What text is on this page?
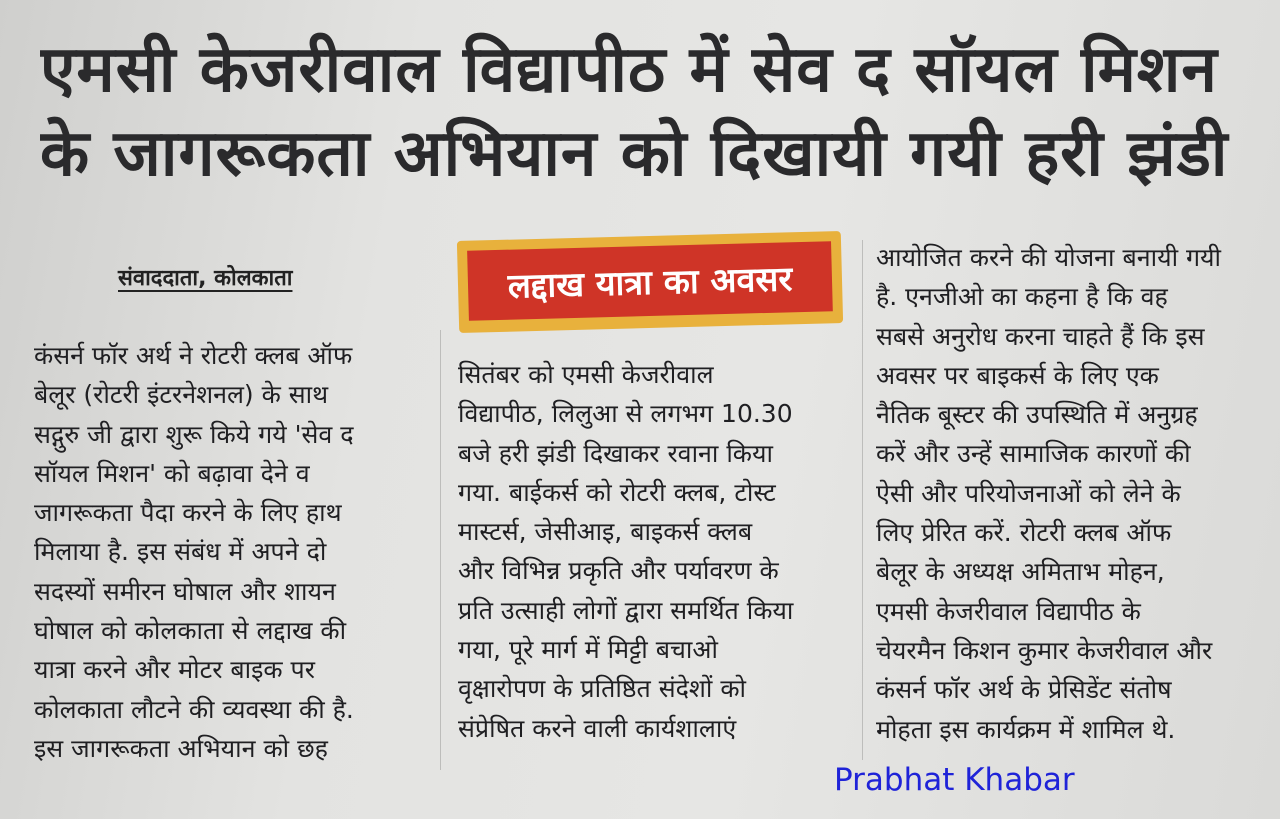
एमसी केजरीवाल विद्यापीठ में सेव द सॉयल मिशन
के जागरूकता अभियान को दिखायी गयी हरी झंडी
संवाददाता, कोलकाता	लद्दाख यात्रा का अवसर
कंसर्न फॉर अर्थ ने रोटरी क्लब ऑफ
बेलूर (रोटरी इंटरनेशनल) के साथ
सद्गुरु जी द्वारा शुरू किये गये 'सेव द
सॉयल मिशन' को बढ़ावा देने व
जागरूकता पैदा करने के लिए हाथ
मिलाया है. इस संबंध में अपने दो
सदस्यों समीरन घोषाल और शायन
घोषाल को कोलकाता से लद्दाख की
यात्रा करने और मोटर बाइक पर
कोलकाता लौटने की व्यवस्था की है.
इस जागरूकता अभियान को छह
सितंबर को एमसी केजरीवाल
विद्यापीठ, लिलुआ से लगभग 10.30
बजे हरी झंडी दिखाकर रवाना किया
गया. बाईकर्स को रोटरी क्लब, टोस्ट
मास्टर्स, जेसीआइ, बाइकर्स क्लब
और विभिन्न प्रकृति और पर्यावरण के
प्रति उत्साही लोगों द्वारा समर्थित किया
गया, पूरे मार्ग में मिट्टी बचाओ
वृक्षारोपण के प्रतिष्ठित संदेशों को
संप्रेषित करने वाली कार्यशालाएं
आयोजित करने की योजना बनायी गयी
है. एनजीओ का कहना है कि वह
सबसे अनुरोध करना चाहते हैं कि इस
अवसर पर बाइकर्स के लिए एक
नैतिक बूस्टर की उपस्थिति में अनुग्रह
करें और उन्हें सामाजिक कारणों की
ऐसी और परियोजनाओं को लेने के
लिए प्रेरित करें. रोटरी क्लब ऑफ
बेलूर के अध्यक्ष अमिताभ मोहन,
एमसी केजरीवाल विद्यापीठ के
चेयरमैन किशन कुमार केजरीवाल और
कंसर्न फॉर अर्थ के प्रेसिडेंट संतोष
मोहता इस कार्यक्रम में शामिल थे.
Prabhat Khabar
